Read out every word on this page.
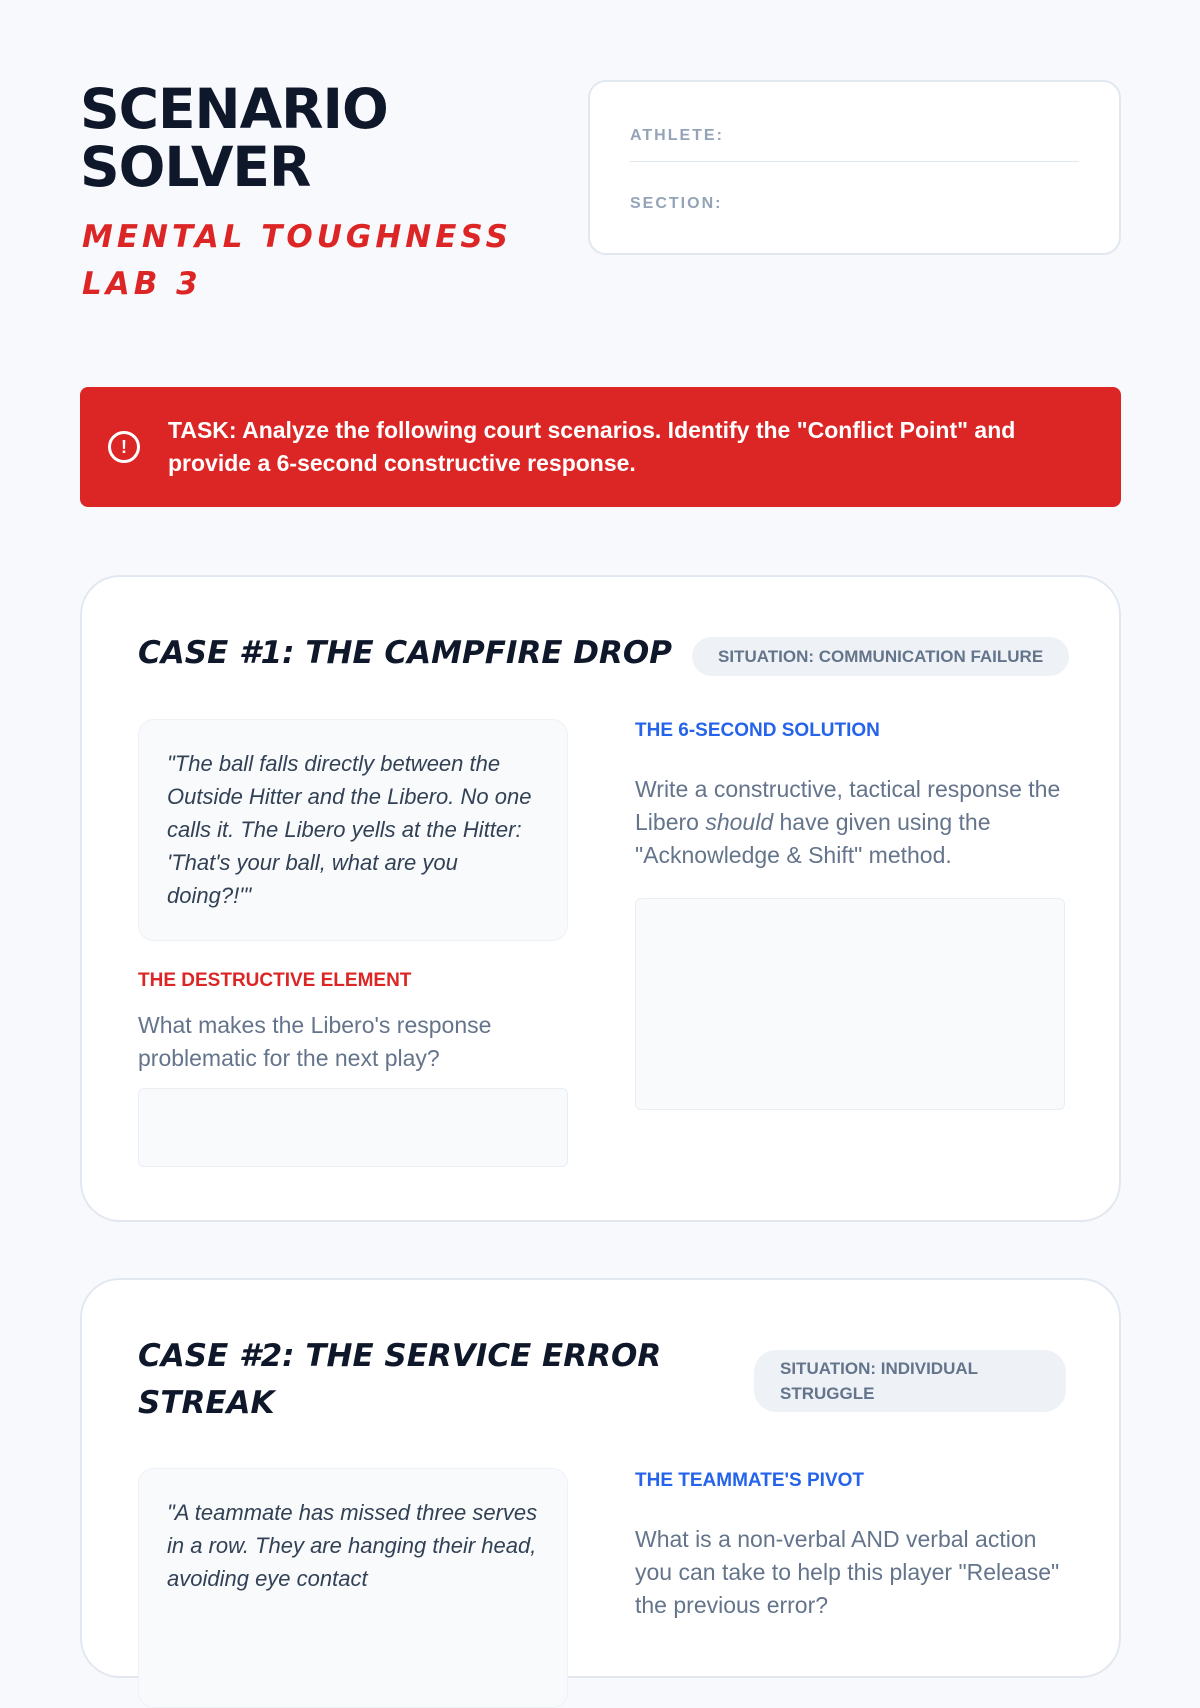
SCENARIO SOLVER
MENTAL TOUGHNESS LAB 3
ATHLETE:
SECTION:
!
TASK: Analyze the following court scenarios. Identify the "Conflict Point" and provide a 6-second constructive response.
CASE #1: THE CAMPFIRE DROP	SITUATION: COMMUNICATION FAILURE
"The ball falls directly between the Outside Hitter and the Libero. No one calls it. The Libero yells at the Hitter: 'That's your ball, what are you doing?!'"
THE DESTRUCTIVE ELEMENT
What makes the Libero's response problematic for the next play?
THE 6-SECOND SOLUTION
Write a constructive, tactical response the Libero should have given using the "Acknowledge & Shift" method.
CASE #2: THE SERVICE ERROR STREAK
SITUATION: INDIVIDUAL STRUGGLE
"A teammate has missed three serves in a row. They are hanging their head, avoiding eye contact
THE TEAMMATE'S PIVOT
What is a non-verbal AND verbal action you can take to help this player "Release" the previous error?
